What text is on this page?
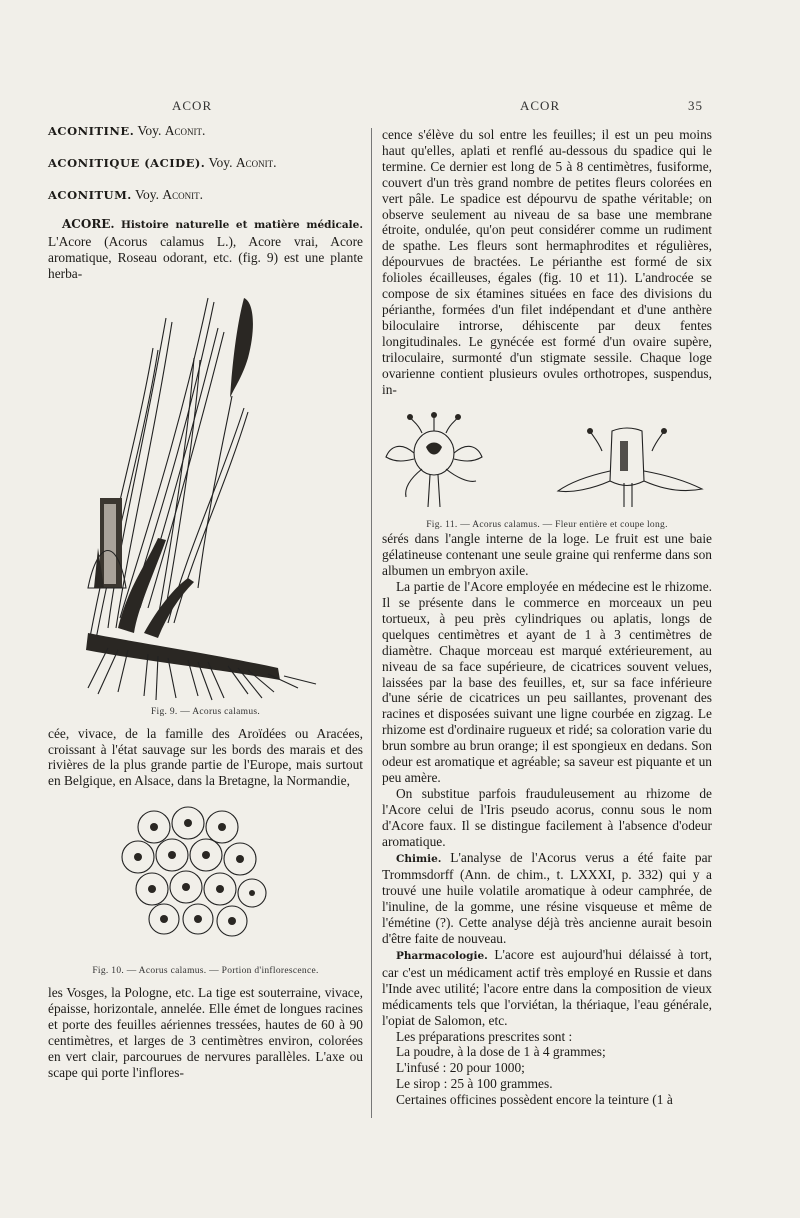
ACOR	ACOR	35
ACONITINE. Voy. Aconit.
ACONITIQUE (ACIDE). Voy. Aconit.
ACONITUM. Voy. Aconit.

ACORE. Histoire naturelle et matière médicale. L'Acore (Acorus calamus L.), Acore vrai, Acore aromatique, Roseau odorant, etc. (fig. 9) est une plante herba-

Fig. 9. — Acorus calamus.

cée, vivace, de la famille des Aroïdées ou Aracées, croissant à l'état sauvage sur les bords des marais et des rivières de la plus grande partie de l'Europe, mais surtout en Belgique, en Alsace, dans la Bretagne, la Normandie,

Fig. 10. — Acorus calamus. — Portion d'inflorescence.

les Vosges, la Pologne, etc. La tige est souterraine, vivace, épaisse, horizontale, annelée. Elle émet de longues racines et porte des feuilles aériennes tressées, hautes de 60 à 90 centimètres, et larges de 3 centimètres environ, colorées en vert clair, parcourues de nervures parallèles. L'axe ou scape qui porte l'inflores-

cence s'élève du sol entre les feuilles; il est un peu moins haut qu'elles, aplati et renflé au-dessous du spadice qui le termine. Ce dernier est long de 5 à 8 centimètres, fusiforme, couvert d'un très grand nombre de petites fleurs colorées en vert pâle. Le spadice est dépourvu de spathe véritable; on observe seulement au niveau de sa base une membrane étroite, ondulée, qu'on peut considérer comme un rudiment de spathe. Les fleurs sont hermaphrodites et régulières, dépourvues de bractées. Le périanthe est formé de six folioles écailleuses, égales (fig. 10 et 11). L'androcée se compose de six étamines situées en face des divisions du périanthe, formées d'un filet indépendant et d'une anthère biloculaire introrse, déhiscente par deux fentes longitudinales. Le gynécée est formé d'un ovaire supère, triloculaire, surmonté d'un stigmate sessile. Chaque loge ovarienne contient plusieurs ovules orthotropes, suspendus, in-

Fig. 11. — Acorus calamus. — Fleur entière et coupe long.

sérés dans l'angle interne de la loge. Le fruit est une baie gélatineuse contenant une seule graine qui renferme dans son albumen un embryon axile.

La partie de l'Acore employée en médecine est le rhizome. Il se présente dans le commerce en morceaux un peu tortueux, à peu près cylindriques ou aplatis, longs de quelques centimètres et ayant de 1 à 3 centimètres de diamètre. Chaque morceau est marqué extérieurement, au niveau de sa face supérieure, de cicatrices souvent velues, laissées par la base des feuilles, et, sur sa face inférieure d'une série de cicatrices un peu saillantes, provenant des racines et disposées suivant une ligne courbée en zigzag. Le rhizome est d'ordinaire rugueux et ridé; sa coloration varie du brun sombre au brun orange; il est spongieux en dedans. Son odeur est aromatique et agréable; sa saveur est piquante et un peu amère.

On substitue parfois frauduleusement au rhizome de l'Acore celui de l'Iris pseudo acorus, connu sous le nom d'Acore faux. Il se distingue facilement à l'absence d'odeur aromatique.

Chimie. L'analyse de l'Acorus verus a été faite par Trommsdorff (Ann. de chim., t. LXXXI, p. 332) qui y a trouvé une huile volatile aromatique à odeur camphrée, de l'inuline, de la gomme, une résine visqueuse et même de l'émétine (?). Cette analyse déjà très ancienne aurait besoin d'être faite de nouveau.

Pharmacologie. L'acore est aujourd'hui délaissé à tort, car c'est un médicament actif très employé en Russie et dans l'Inde avec utilité; l'acore entre dans la composition de vieux médicaments tels que l'orviétan, la thériaque, l'eau générale, l'opiat de Salomon, etc.

Les préparations prescrites sont :

La poudre, à la dose de 1 à 4 grammes;

L'infusé : 20 pour 1000;

Le sirop : 25 à 100 grammes.

Certaines officines possèdent encore la teinture (1 à
